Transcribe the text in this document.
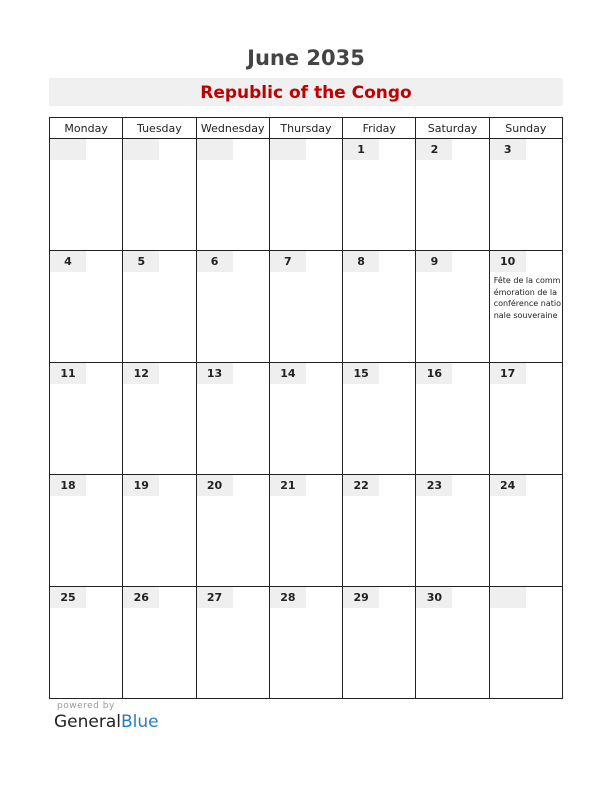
June 2035
Republic of the Congo
Monday	Tuesday	Wednesday	Thursday	Friday	Saturday	Sunday

				1	2	3

4	5	6	7	8	9	10
Fête de la commémoration de la conférence nationale souveraine

11	12	13	14	15	16	17

18	19	20	21	22	23	24

25	26	27	28	29	30	

powered by
GeneralBlue
